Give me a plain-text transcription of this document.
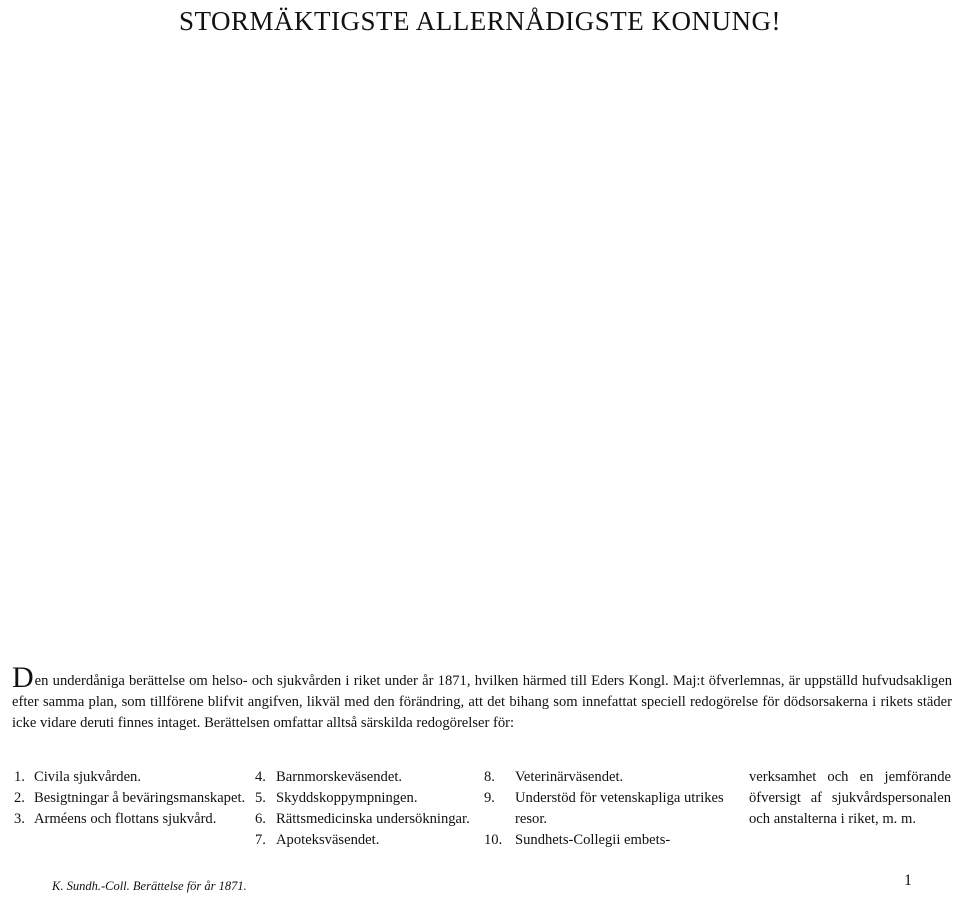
STORMÄKTIGSTE ALLERNÅDIGSTE KONUNG!

Den underdåniga berättelse om helso- och sjukvården i riket under år 1871, hvilken härmed till Eders Kongl. Maj:t öfverlemnas, är uppställd hufvudsakligen efter samma plan, som tillförene blifvit angifven, likväl med den förändring, att det bihang som innefattat speciell redogörelse för dödsorsakerna i rikets städer icke vidare deruti finnes intaget. Berättelsen omfattar alltså särskilda redogörelser för:

1. Civila sjukvården.
2. Besigtningar å beväringsmanskapet.
3. Arméens och flottans sjukvård.
4. Barnmorskeväsendet.
5. Skyddskoppympningen.
6. Rättsmedicinska undersökningar.
7. Apoteksväsendet.
8.	Veterinärväsendet.
9.	Understöd för vetenskapliga utrikes resor.
10. Sundhets-Collegii embets-
verksamhet och en jemförande öfversigt af sjukvårdspersonalen och anstalterna i riket, m. m.
K. Sundh.-Coll. Berättelse för år 1871.	1
